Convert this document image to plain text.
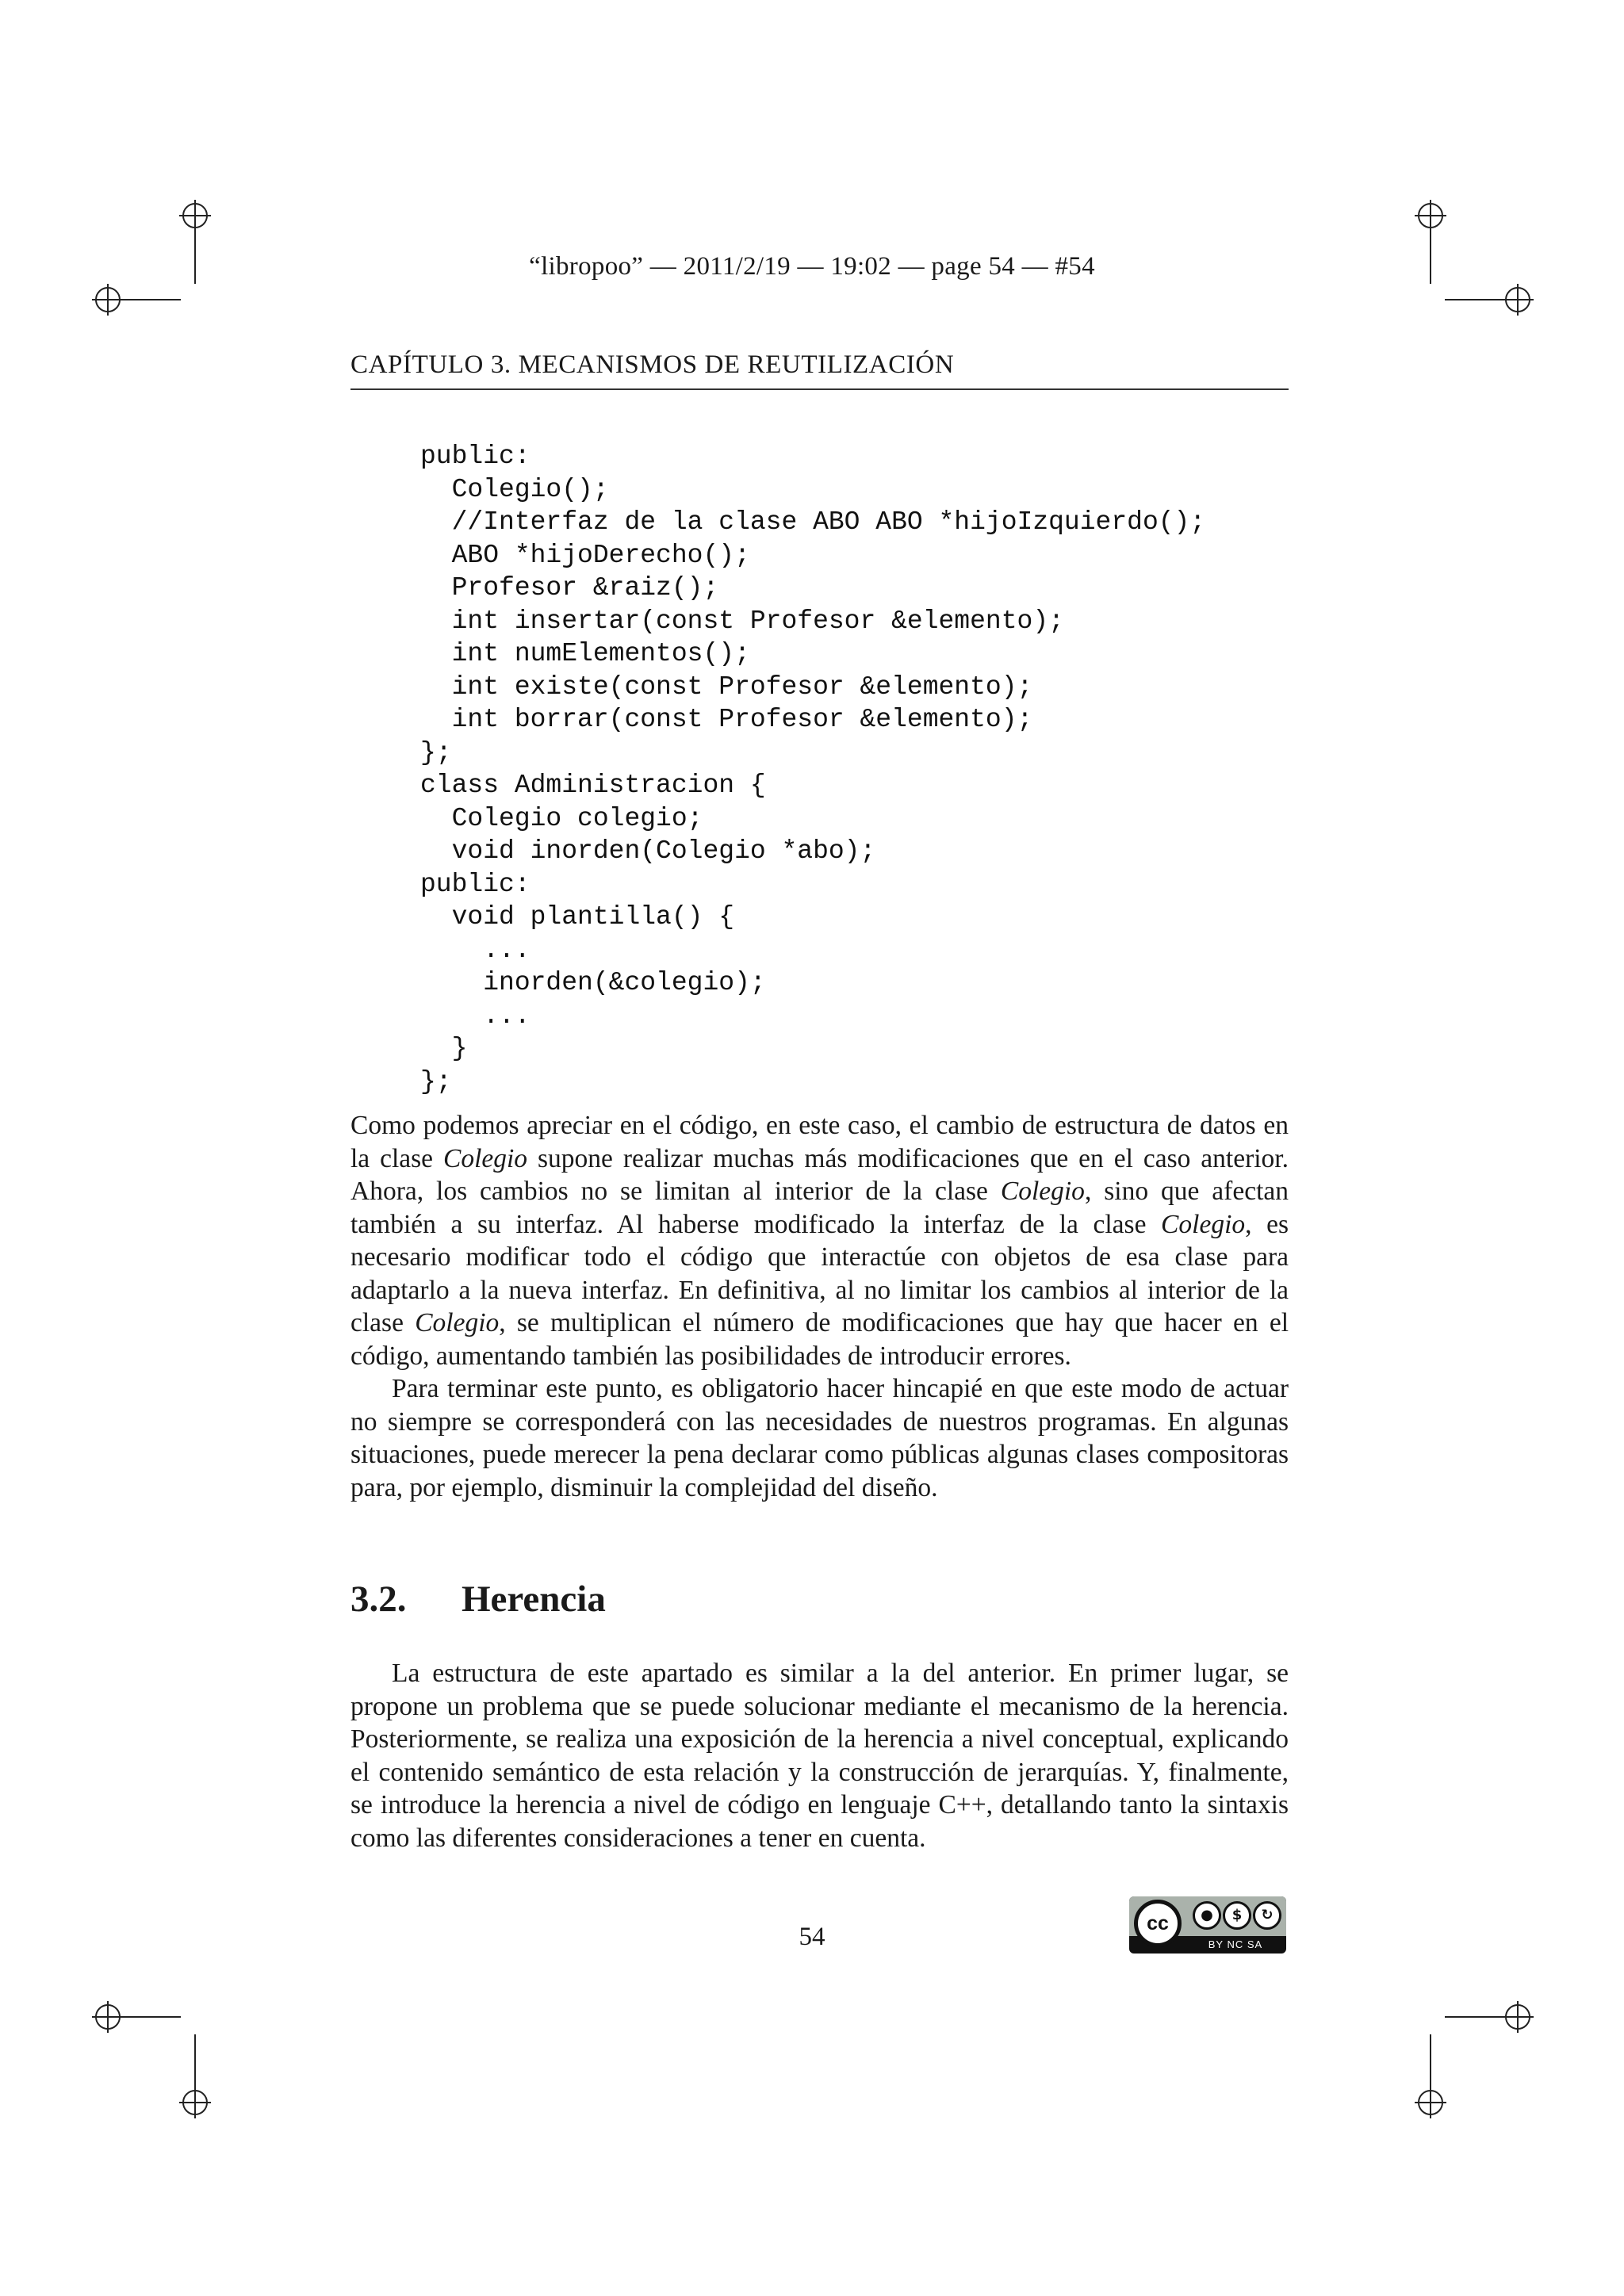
“libropoo” — 2011/2/19 — 19:02 — page 54 — #54
CAPÍTULO 3. MECANISMOS DE REUTILIZACIÓN
public:
Colegio();
//Interfaz de la clase ABO ABO *hijoIzquierdo();
ABO *hijoDerecho();
Profesor &raiz();
int insertar(const Profesor &elemento);
int numElementos();
int existe(const Profesor &elemento);
int borrar(const Profesor &elemento);
};
class Administracion {
Colegio colegio;
void inorden(Colegio *abo);
public:
void plantilla() {
...
inorden(&colegio);
...
}
};

Como podemos apreciar en el código, en este caso, el cambio de estructura de datos en la clase Colegio supone realizar muchas más modificaciones que en el caso anterior. Ahora, los cambios no se limitan al interior de la clase Colegio, sino que afectan también a su interfaz. Al haberse modificado la interfaz de la clase Colegio, es necesario modificar todo el código que interactúe con objetos de esa clase para adaptarlo a la nueva interfaz. En definitiva, al no limitar los cambios al interior de la clase Colegio, se multiplican el número de modificaciones que hay que hacer en el código, aumentando también las posibilidades de introducir errores.

Para terminar este punto, es obligatorio hacer hincapié en que este modo de actuar no siempre se corresponderá con las necesidades de nuestros programas. En algunas situaciones, puede merecer la pena declarar como públicas algunas clases compositoras para, por ejemplo, disminuir la complejidad del diseño.

3.2. Herencia
La estructura de este apartado es similar a la del anterior. En primer lugar, se propone un problema que se puede solucionar mediante el mecanismo de la herencia. Posteriormente, se realiza una exposición de la herencia a nivel conceptual, explicando el contenido semántico de esta relación y la construcción de jerarquías. Y, finalmente, se introduce la herencia a nivel de código en lenguaje C++, detallando tanto la sintaxis como las diferentes consideraciones a tener en cuenta.
54	cc	●	$	↻
BY NC SA
